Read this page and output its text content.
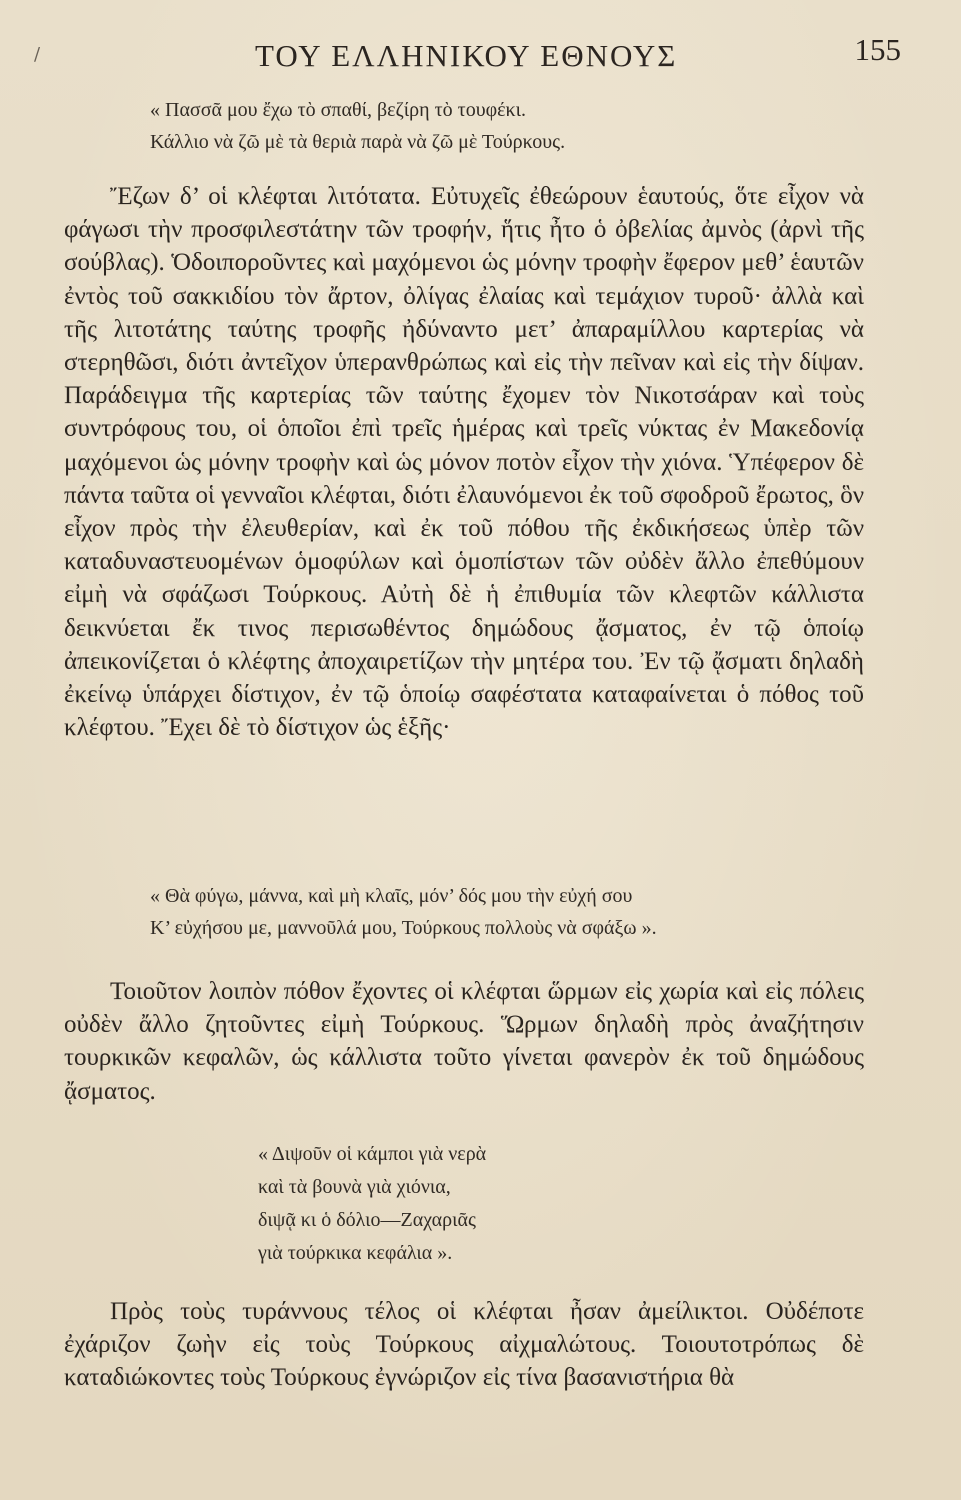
/	ΤΟΥ ΕΛΛΗΝΙΚΟΥ ΕΘΝΟΥΣ	155
« Πασσᾶ μου ἔχω τὸ σπαθί, βεζίρη τὸ τουφέκι.
Κάλλιο νὰ ζῶ μὲ τὰ θεριὰ παρὰ νὰ ζῶ μὲ Τούρκους.

Ἔζων δ’ οἱ κλέφται λιτότατα. Εὐτυχεῖς ἐθεώρουν ἑαυτούς, ὅτε εἶχον νὰ φάγωσι τὴν προσφιλεστάτην τῶν τροφήν, ἥτις ἦτο ὁ ὀβελίας ἀμνὸς (ἀρνὶ τῆς σούβλας). Ὁδοιποροῦντες καὶ μαχόμενοι ὡς μόνην τροφὴν ἔφερον μεθ’ ἑαυτῶν ἐντὸς τοῦ σακκιδίου τὸν ἄρτον, ὀλίγας ἐλαίας καὶ τεμάχιον τυροῦ· ἀλλὰ καὶ τῆς λιτοτάτης ταύτης τροφῆς ἠδύναντο μετ’ ἀπαραμίλλου καρτερίας νὰ στερηθῶσι, διότι ἀντεῖχον ὑπερανθρώπως καὶ εἰς τὴν πεῖναν καὶ εἰς τὴν δίψαν. Παράδειγμα τῆς καρτερίας τῶν ταύτης ἔχομεν τὸν Νικοτσάραν καὶ τοὺς συντρόφους του, οἱ ὁποῖοι ἐπὶ τρεῖς ἡμέρας καὶ τρεῖς νύκτας ἐν Μακεδονίᾳ μαχόμενοι ὡς μόνην τροφὴν καὶ ὡς μόνον ποτὸν εἶχον τὴν χιόνα. Ὑπέφερον δὲ πάντα ταῦτα οἱ γενναῖοι κλέφται, διότι ἐλαυνόμενοι ἐκ τοῦ σφοδροῦ ἔρωτος, ὃν εἶχον πρὸς τὴν ἐλευθερίαν, καὶ ἐκ τοῦ πόθου τῆς ἐκδικήσεως ὑπὲρ τῶν καταδυναστευομένων ὁμοφύλων καὶ ὁμοπίστων τῶν οὐδὲν ἄλλο ἐπεθύμουν εἰμὴ νὰ σφάζωσι Τούρκους. Αὐτὴ δὲ ἡ ἐπιθυμία τῶν κλεφτῶν κάλλιστα δεικνύεται ἔκ τινος περισωθέντος δημώδους ᾄσματος, ἐν τῷ ὁποίῳ ἀπεικονίζεται ὁ κλέφτης ἀποχαιρετίζων τὴν μητέρα του. Ἐν τῷ ᾄσματι δηλαδὴ ἐκείνῳ ὑπάρχει δίστιχον, ἐν τῷ ὁποίῳ σαφέστατα καταφαίνεται ὁ πόθος τοῦ κλέφτου. Ἔχει δὲ τὸ δίστιχον ὡς ἑξῆς·

« Θὰ φύγω, μάννα, καὶ μὴ κλαῖς, μόν’ δός μου τὴν εὐχή σου
Κ’ εὐχήσου με, μαννοῦλά μου, Τούρκους πολλοὺς νὰ σφάξω ».

Τοιοῦτον λοιπὸν πόθον ἔχοντες οἱ κλέφται ὥρμων εἰς χωρία καὶ εἰς πόλεις οὐδὲν ἄλλο ζητοῦντες εἰμὴ Τούρκους. Ὥρμων δηλαδὴ πρὸς ἀναζήτησιν τουρκικῶν κεφαλῶν, ὡς κάλλιστα τοῦτο γίνεται φανερὸν ἐκ τοῦ δημώδους ᾄσματος.

« Διψοῦν οἱ κάμποι γιὰ νερὰ
καὶ τὰ βουνὰ γιὰ χιόνια,
διψᾷ κι ὁ δόλιο—Ζαχαριᾶς
γιὰ τούρκικα κεφάλια ».

Πρὸς τοὺς τυράννους τέλος οἱ κλέφται ἦσαν ἀμείλικτοι. Οὐδέποτε ἐχάριζον ζωὴν εἰς τοὺς Τούρκους αἰχμαλώτους. Τοιουτοτρόπως δὲ καταδιώκοντες τοὺς Τούρκους ἐγνώριζον εἰς τίνα βασανιστήρια θὰ
